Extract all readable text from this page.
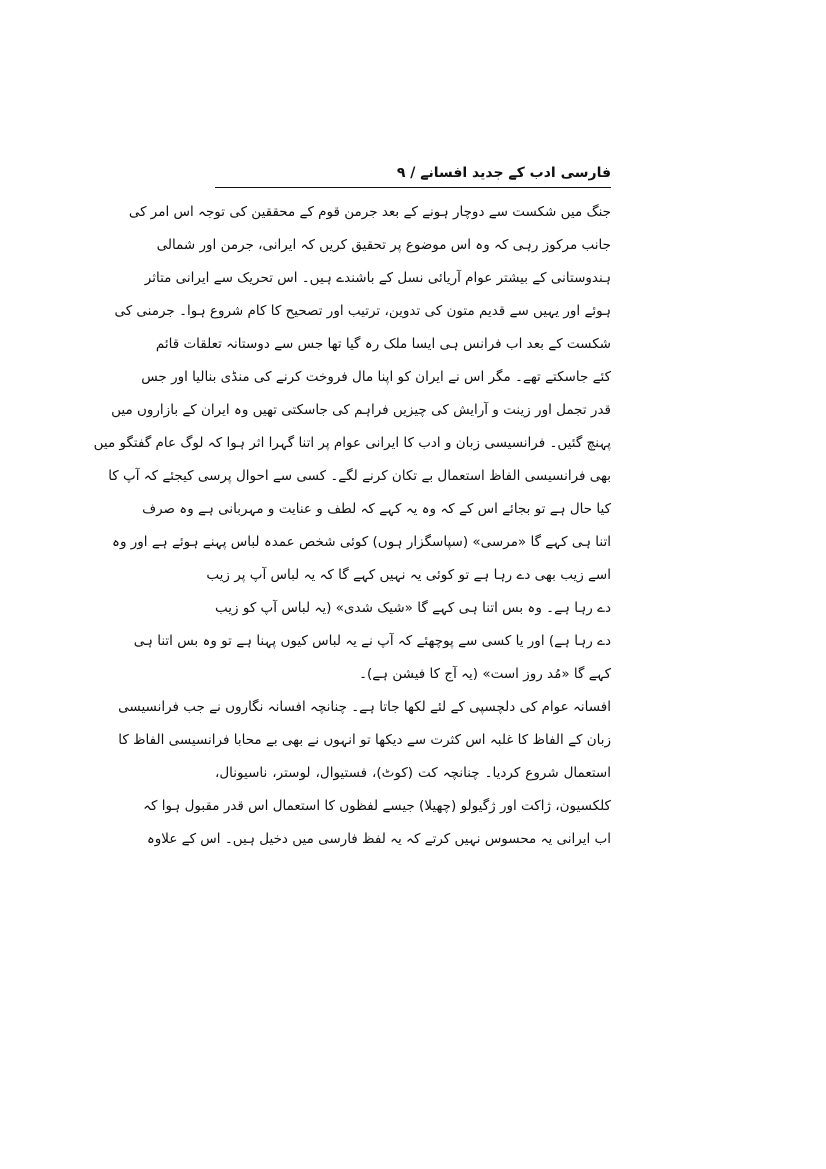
فارسی ادب کے جدید افسانے / ۹
جنگ میں شکست سے دوچار ہونے کے بعد جرمن قوم کے محققین کی توجہ اس امر کی
جانب مرکوز رہی کہ وہ اس موضوع پر تحقیق کریں کہ ایرانی، جرمن اور شمالی
ہندوستانی کے بیشتر عوام آریائی نسل کے باشندے ہیں۔ اس تحریک سے ایرانی متاثر
ہوئے اور یہیں سے قدیم متون کی تدوین، ترتیب اور تصحیح کا کام شروع ہوا۔ جرمنی کی
شکست کے بعد اب فرانس ہی ایسا ملک رہ گیا تھا جس سے دوستانہ تعلقات قائم
کئے جاسکتے تھے۔ مگر اس نے ایران کو اپنا مال فروخت کرنے کی منڈی بنالیا اور جس
قدر تجمل اور زینت و آرایش کی چیزیں فراہم کی جاسکتی تھیں وہ ایران کے بازاروں میں
پہنچ گئیں۔ فرانسیسی زبان و ادب کا ایرانی عوام پر اتنا گہرا اثر ہوا کہ لوگ عام گفتگو میں
بھی فرانسیسی الفاظ استعمال بے تکان کرنے لگے۔ کسی سے احوال پرسی کیجئے کہ آپ کا
کیا حال ہے تو بجائے اس کے کہ وہ یہ کہے کہ لطف و عنایت و مہربانی ہے وہ صرف
اتنا ہی کہے گا «مرسی» (سپاسگزار ہوں) کوئی شخص عمدہ لباس پہنے ہوئے ہے اور وہ
اسے زیب بھی دے رہا ہے تو کوئی یہ نہیں کہے گا کہ یہ لباس آپ پر زیب
دے رہا ہے۔ وہ بس اتنا ہی کہے گا «شیک شدی» (یہ لباس آپ کو زیب
دے رہا ہے) اور یا کسی سے پوچھئے کہ آپ نے یہ لباس کیوں پہنا ہے تو وہ بس اتنا ہی
کہے گا «مُد روز است» (یہ آج کا فیشن ہے)۔
افسانہ عوام کی دلچسپی کے لئے لکھا جاتا ہے۔ چنانچہ افسانہ نگاروں نے جب فرانسیسی
زبان کے الفاظ کا غلبہ اس کثرت سے دیکھا تو انہوں نے بھی بے محابا فرانسیسی الفاظ کا
استعمال شروع کردیا۔ چنانچہ کت (کوٹ)، فستیوال، لوستر، ناسیونال،
کلکسیون، ژاکت اور ژگیولو (چھیلا) جیسے لفظوں کا استعمال اس قدر مقبول ہوا کہ
اب ایرانی یہ محسوس نہیں کرتے کہ یہ لفظ فارسی میں دخیل ہیں۔ اس کے علاوہ
